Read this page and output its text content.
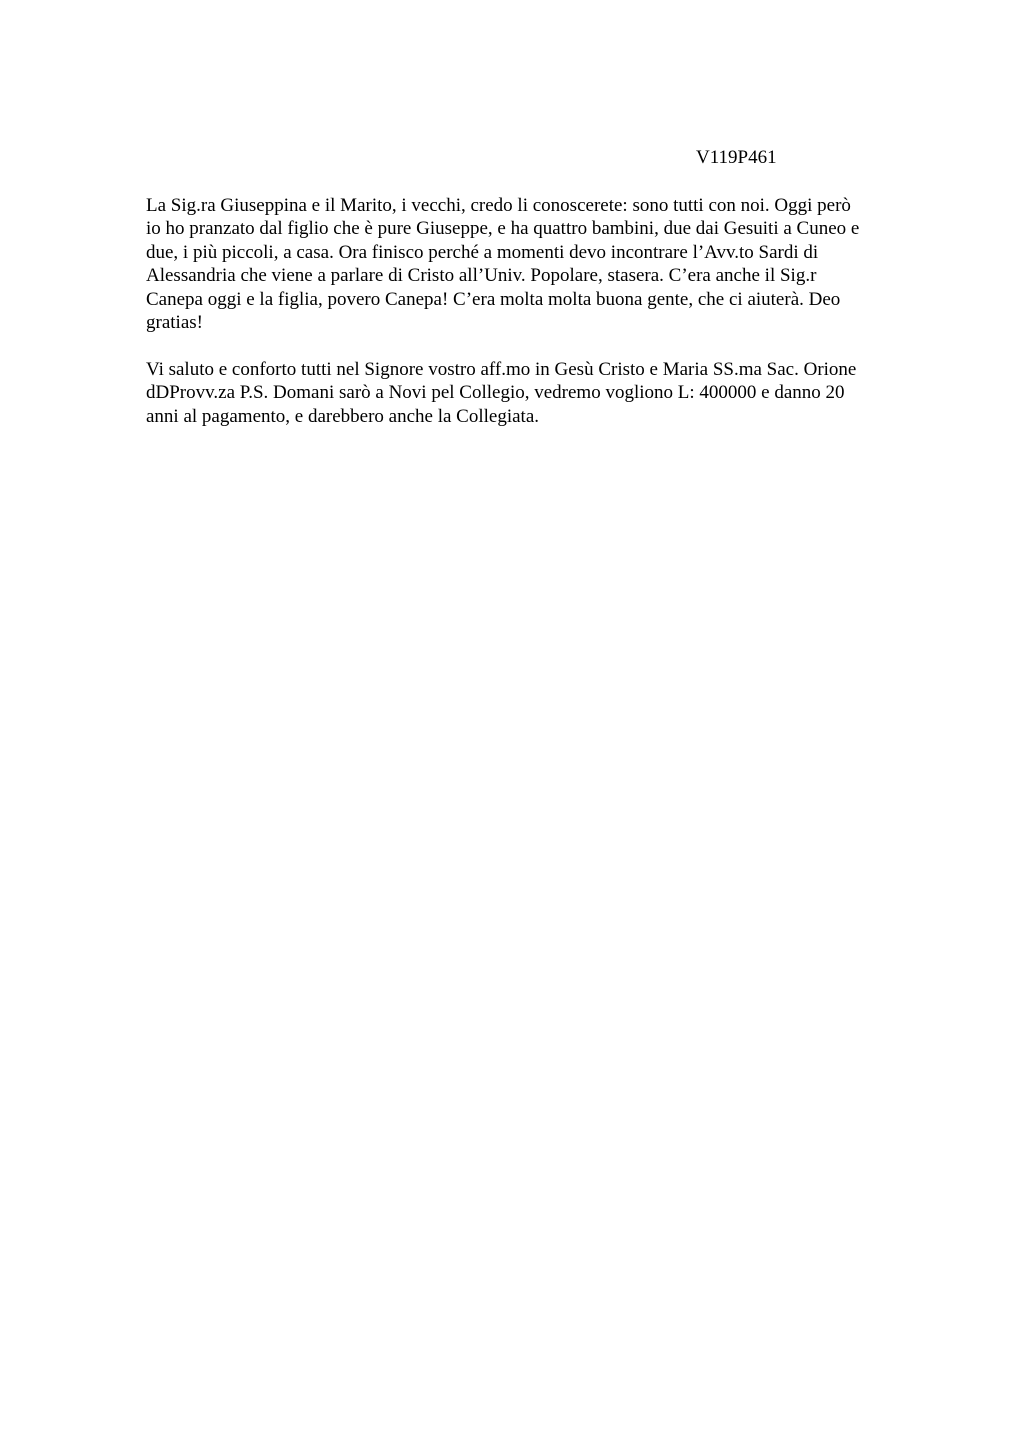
V119P461

La Sig.ra Giuseppina e il Marito, i vecchi, credo li conoscerete: sono tutti con noi. Oggi però

io ho pranzato dal figlio che è pure Giuseppe, e ha quattro bambini, due dai Gesuiti a Cuneo e

due, i più piccoli, a casa. Ora finisco perché a momenti devo incontrare l’Avv.to Sardi di

Alessandria che viene a parlare di Cristo all’Univ. Popolare, stasera. C’era anche il Sig.r

Canepa oggi e la figlia, povero Canepa! C’era molta molta buona gente, che ci aiuterà. Deo

gratias!

Vi saluto e conforto tutti nel Signore vostro aff.mo in Gesù Cristo e Maria SS.ma Sac. Orione

dDProvv.za P.S. Domani sarò a Novi pel Collegio, vedremo vogliono L: 400000 e danno 20

anni al pagamento, e darebbero anche la Collegiata.
